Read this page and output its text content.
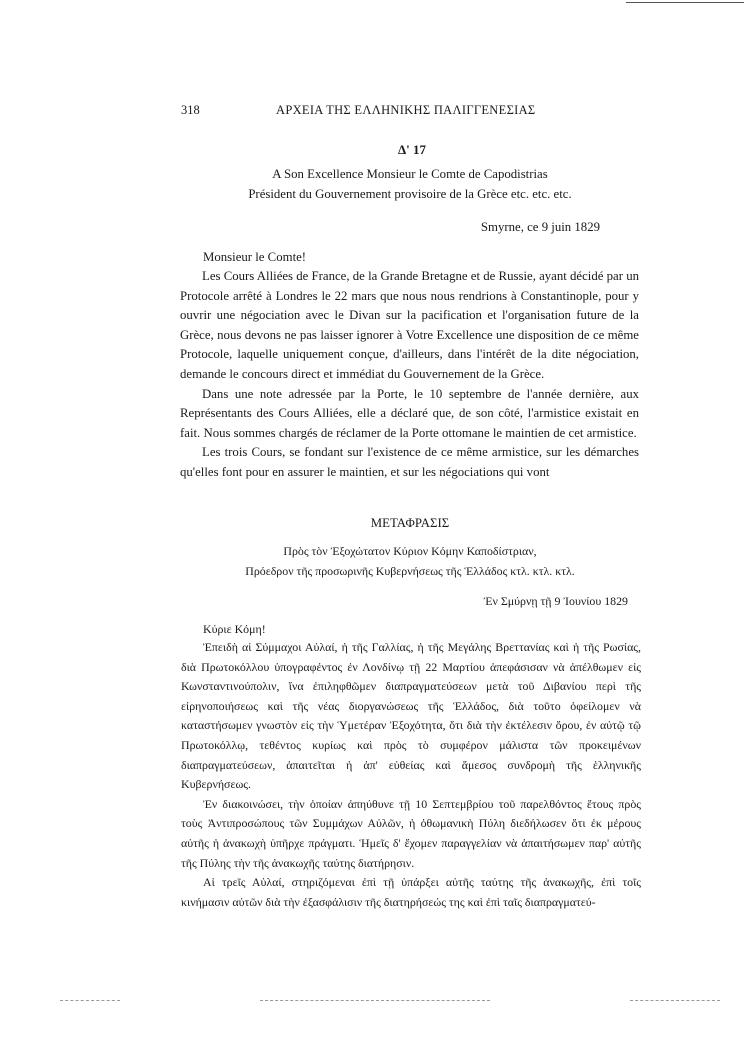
318	ΑΡΧΕΙΑ ΤΗΣ ΕΛΛΗΝΙΚΗΣ ΠΑΛΙΓΓΕΝΕΣΙΑΣ
Δ' 17
A Son Excellence Monsieur le Comte de Capodistrias
Président du Gouvernement provisoire de la Grèce etc. etc. etc.
Smyrne, ce 9 juin 1829
Monsieur le Comte!

Les Cours Alliées de France, de la Grande Bretagne et de Russie, ayant décidé par un Protocole arrêté à Londres le 22 mars que nous nous rendrions à Constantinople, pour y ouvrir une négociation avec le Divan sur la pacification et l'organisation future de la Grèce, nous devons ne pas laisser ignorer à Votre Excellence une disposition de ce même Protocole, laquelle uniquement conçue, d'ailleurs, dans l'intérêt de la dite négociation, demande le concours direct et immédiat du Gouvernement de la Grèce.

Dans une note adressée par la Porte, le 10 septembre de l'année dernière, aux Représentants des Cours Alliées, elle a déclaré que, de son côté, l'armistice existait en fait. Nous sommes chargés de réclamer de la Porte ottomane le maintien de cet armistice.

Les trois Cours, se fondant sur l'existence de ce même armistice, sur les démarches qu'elles font pour en assurer le maintien, et sur les négociations qui vont

ΜΕΤΑΦΡΑΣΙΣ
Πρὸς τὸν Ἐξοχώτατον Κύριον Κόμην Καποδίστριαν,
Πρόεδρον τῆς προσωρινῆς Κυβερνήσεως τῆς Ἑλλάδος κτλ. κτλ. κτλ.
Ἐν Σμύρνῃ τῇ 9 Ἰουνίου 1829
Κύριε Κόμη!

Ἐπειδὴ αἱ Σύμμαχοι Αὐλαί, ἡ τῆς Γαλλίας, ἡ τῆς Μεγάλης Βρεττανίας καὶ ἡ τῆς Ρωσίας, διὰ Πρωτοκόλλου ὑπογραφέντος ἐν Λονδίνῳ τῇ 22 Μαρτίου ἀπεφάσισαν νὰ ἀπέλθωμεν εἰς Κωνσταντινούπολιν, ἵνα ἐπιληφθῶμεν διαπραγματεύσεων μετὰ τοῦ Διβανίου περὶ τῆς εἰρηνοποιήσεως καὶ τῆς νέας διοργανώσεως τῆς Ἑλλάδος, διὰ τοῦτο ὀφείλομεν νὰ καταστήσωμεν γνωστὸν εἰς τὴν Ὑμετέραν Ἐξοχότητα, ὅτι διὰ τὴν ἐκτέλεσιν ὅρου, ἐν αὐτῷ τῷ Πρωτοκόλλῳ, τεθέντος κυρίως καὶ πρὸς τὸ συμφέρον μάλιστα τῶν προκειμένων διαπραγματεύσεων, ἀπαιτεῖται ἡ ἀπ' εὐθείας καὶ ἄμεσος συνδρομὴ τῆς ἑλληνικῆς Κυβερνήσεως.

Ἐν διακοινώσει, τὴν ὁποίαν ἀπηύθυνε τῇ 10 Σεπτεμβρίου τοῦ παρελθόντος ἔτους πρὸς τοὺς Ἀντιπροσώπους τῶν Συμμάχων Αὐλῶν, ἡ ὀθωμανικὴ Πύλη διεδήλωσεν ὅτι ἐκ μέρους αὐτῆς ἡ ἀνακωχὴ ὑπῆρχε πράγματι. Ἡμεῖς δ' ἔχομεν παραγγελίαν νὰ ἀπαιτήσωμεν παρ' αὐτῆς τῆς Πύλης τὴν τῆς ἀνακωχῆς ταύτης διατήρησιν.

Αἱ τρεῖς Αὐλαί, στηριζόμεναι ἐπὶ τῇ ὑπάρξει αὐτῆς ταύτης τῆς ἀνακωχῆς, ἐπὶ τοῖς κινήμασιν αὐτῶν διὰ τὴν ἐξασφάλισιν τῆς διατηρήσεώς της καὶ ἐπὶ ταῖς διαπραγματεύ-
